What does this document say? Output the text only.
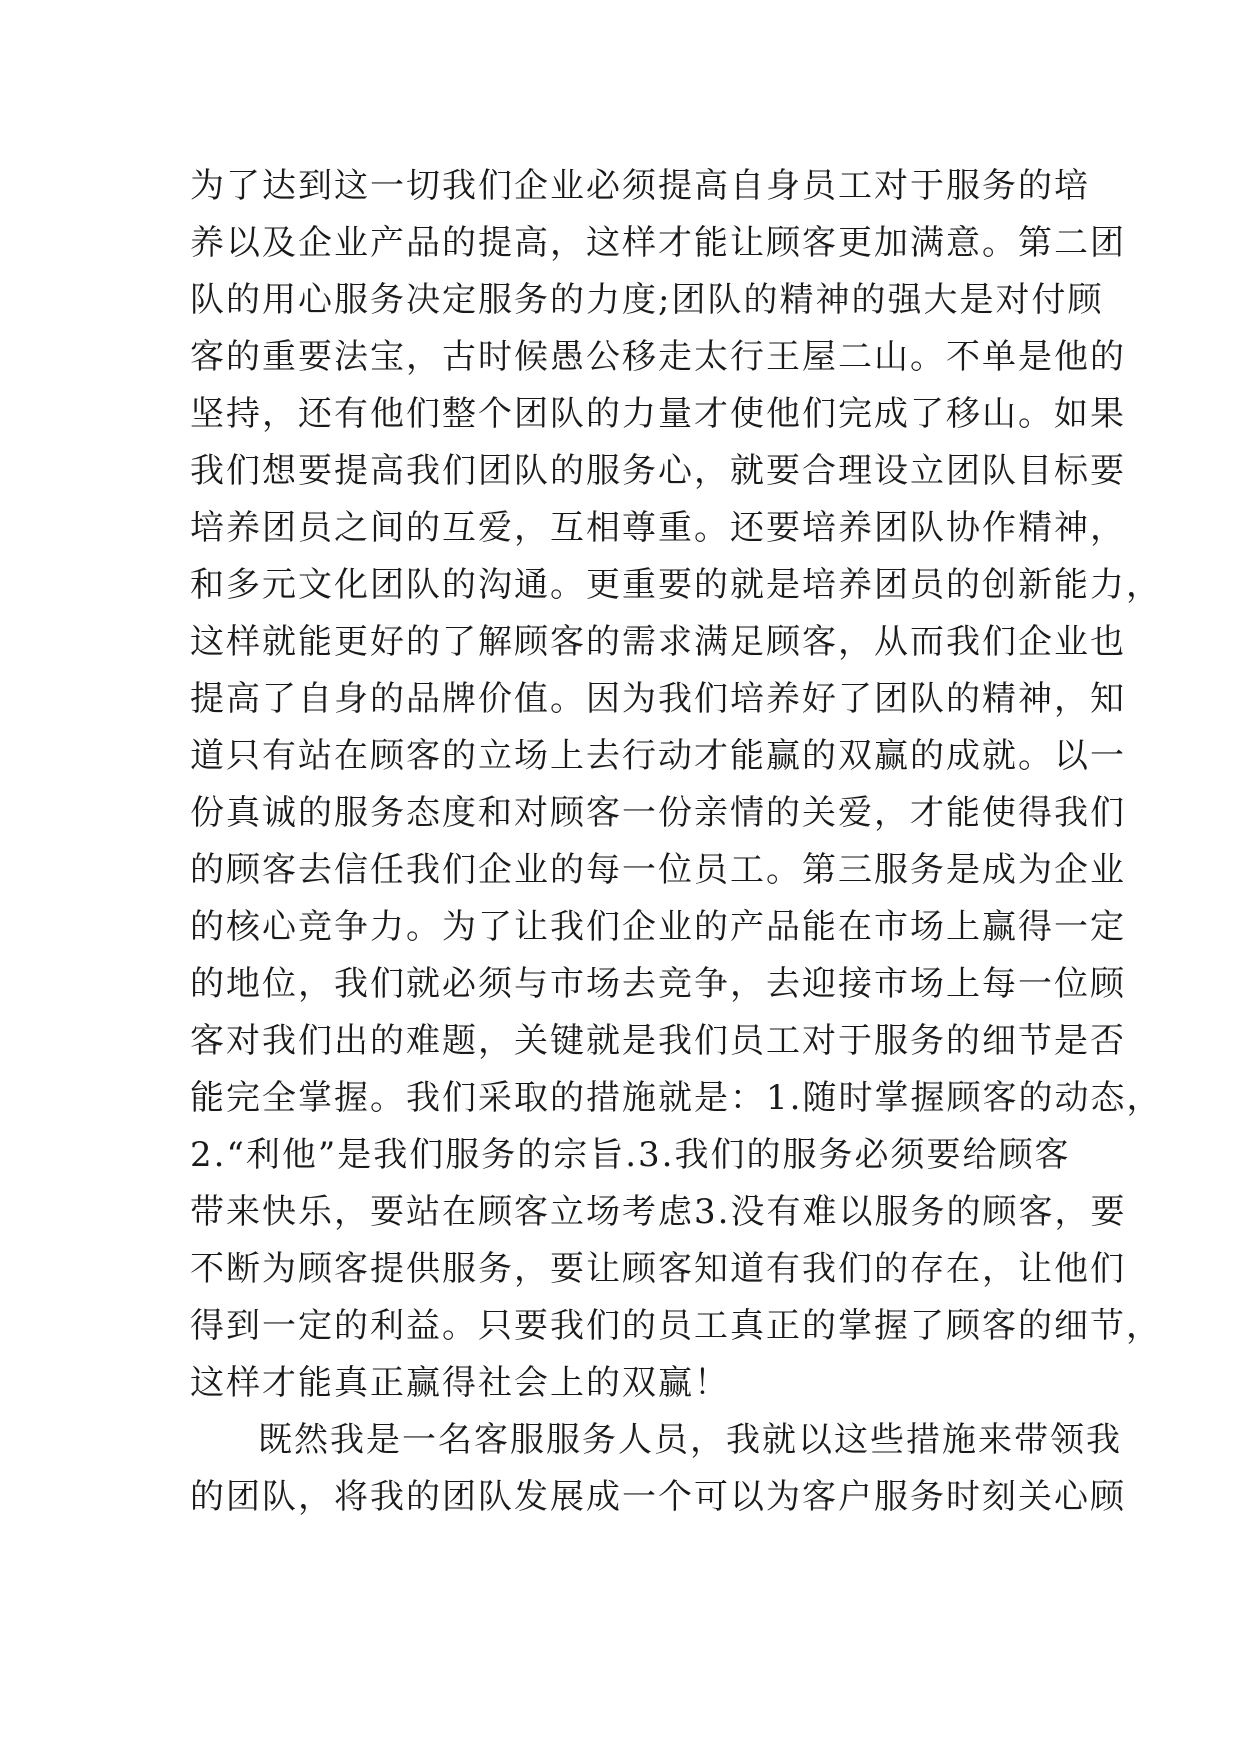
为了达到这一切我们企业必须提高自身员工对于服务的培
养以及企业产品的提高，这样才能让顾客更加满意。第二团
队的用心服务决定服务的力度;团队的精神的强大是对付顾
客的重要法宝，古时候愚公移走太行王屋二山。不单是他的
坚持，还有他们整个团队的力量才使他们完成了移山。如果
我们想要提高我们团队的服务心，就要合理设立团队目标要
培养团员之间的互爱，互相尊重。还要培养团队协作精神，
和多元文化团队的沟通。更重要的就是培养团员的创新能力，
这样就能更好的了解顾客的需求满足顾客，从而我们企业也
提高了自身的品牌价值。因为我们培养好了团队的精神，知
道只有站在顾客的立场上去行动才能赢的双赢的成就。以一
份真诚的服务态度和对顾客一份亲情的关爱，才能使得我们
的顾客去信任我们企业的每一位员工。第三服务是成为企业
的核心竞争力。为了让我们企业的产品能在市场上赢得一定
的地位，我们就必须与市场去竞争，去迎接市场上每一位顾
客对我们出的难题，关键就是我们员工对于服务的细节是否
能完全掌握。我们采取的措施就是：1.随时掌握顾客的动态，
2.“利他”是我们服务的宗旨.3.我们的服务必须要给顾客
带来快乐，要站在顾客立场考虑3.没有难以服务的顾客，要
不断为顾客提供服务，要让顾客知道有我们的存在，让他们
得到一定的利益。只要我们的员工真正的掌握了顾客的细节，
这样才能真正赢得社会上的双赢！
既然我是一名客服服务人员，我就以这些措施来带领我
的团队，将我的团队发展成一个可以为客户服务时刻关心顾
